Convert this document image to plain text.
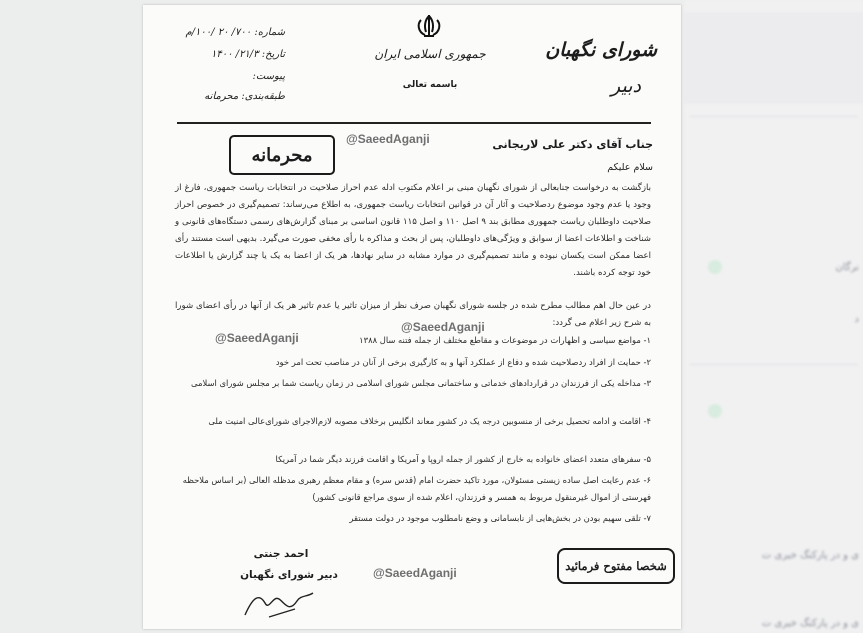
نرگان
د
ی و در پارکنگ خبری ت
ی و در پارکنگ خبری ت
جمهوری اسلامی ایران
باسمه تعالی
شورای نگهبان
دبیر
شماره: ۷۰۰/ ۲۰ /۱۰۰/م
تاریخ: ۲۱/۳/ ۱۴۰۰
پیوست:
طبقه‌بندی: محرمانه
محرمانه
@SaeedAganji
@SaeedAganji
@SaeedAganji
@SaeedAganji
جناب آقای دکتر علی لاریجانی
سلام علیکم
بازگشت به درخواست جنابعالی از شورای نگهبان مبنی بر اعلام مکتوب ادله عدم احراز صلاحیت در انتخابات ریاست جمهوری، فارغ از وجود یا عدم وجود موضوع ردصلاحیت و آثار آن در قوانین انتخابات ریاست جمهوری، به اطلاع می‌رساند: تصمیم‌گیری در خصوص احراز صلاحیت داوطلبان ریاست جمهوری مطابق بند ۹ اصل ۱۱۰ و اصل ۱۱۵ قانون اساسی بر مبنای گزارش‌های رسمی دستگاه‌های قانونی و شناخت و اطلاعات اعضا از سوابق و ویژگی‌های داوطلبان، پس از بحث و مذاکره با رأی مخفی صورت می‌گیرد. بدیهی است مستند رأی اعضا ممکن است یکسان نبوده و مانند تصمیم‌گیری در موارد مشابه در سایر نهادها، هر یک از اعضا به یک یا چند گزارش یا اطلاعات خود توجه کرده باشند.
در عین حال اهم مطالب مطرح شده در جلسه شورای نگهبان صرف نظر از میزان تاثیر یا عدم تاثیر هر یک از آنها در رأی اعضای شورا به شرح زیر اعلام می گردد:
۱- مواضع سیاسی و اظهارات در موضوعات و مقاطع مختلف از جمله فتنه سال ۱۳۸۸
۲- حمایت از افراد ردصلاحیت شده و دفاع از عملکرد آنها و به کارگیری برخی از آنان در مناصب تحت امر خود
۳- مداخله یکی از فرزندان در قراردادهای خدماتی و ساختمانی مجلس شورای اسلامی در زمان ریاست شما بر مجلس شورای اسلامی
۴- اقامت و ادامه تحصیل برخی از منسوبین درجه یک در کشور معاند انگلیس برخلاف مصوبه لازم‌الاجرای شورای‌عالی امنیت ملی
۵- سفرهای متعدد اعضای خانواده به خارج از کشور از جمله اروپا و آمریکا و اقامت فرزند دیگر شما در آمریکا
۶- عدم رعایت اصل ساده زیستی مسئولان، مورد تاکید حضرت امام (قدس سره) و مقام معظم رهبری مدظله العالی (بر اساس ملاحظه فهرستی از اموال غیرمنقول مربوط به همسر و فرزندان، اعلام شده از سوی مراجع قانونی کشور)
۷- تلقی سهیم بودن در بخش‌هایی از نابسامانی و وضع نامطلوب موجود در دولت مستقر
احمد جنتی
دبیر شورای نگهبان
شخصا مفتوح فرمائید
